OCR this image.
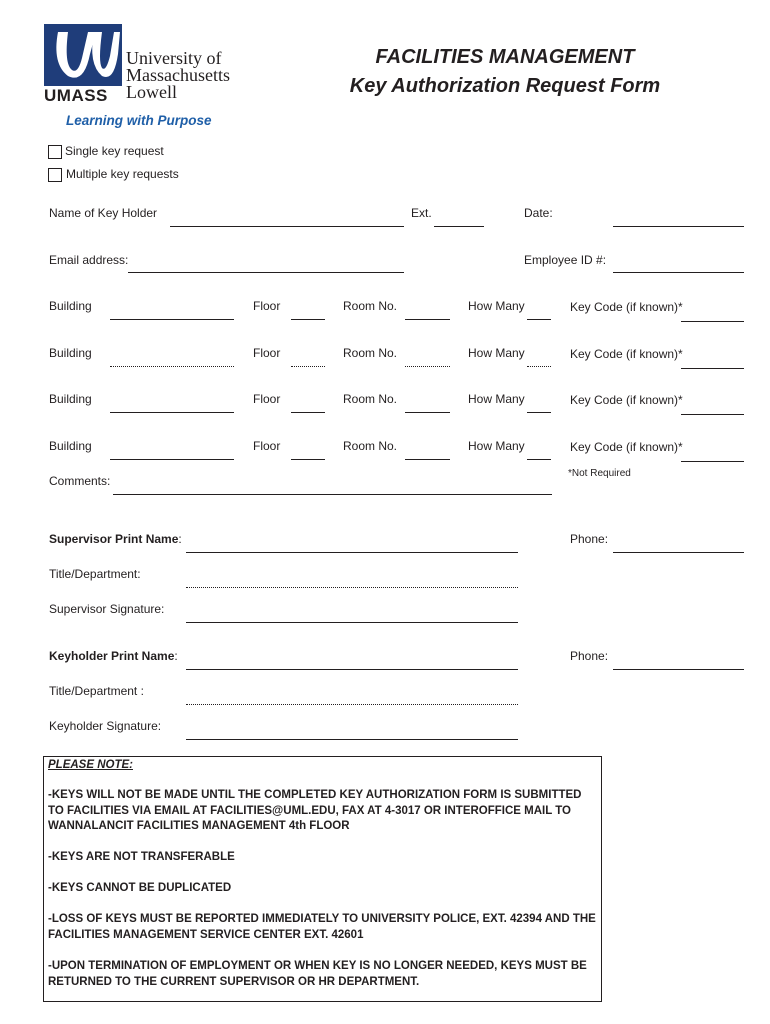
UMASS
University of
Massachusetts
Lowell
Learning with Purpose
FACILITIES MANAGEMENT
Key Authorization Request Form
Single key request
Multiple key requests
Name of Key Holder	Ext.	Date:
Email address:	Employee ID #:
Building	Floor	Room No.	How Many	Key Code (if known)*
Building	Floor	Room No.	How Many	Key Code (if known)*
Building	Floor	Room No.	How Many	Key Code (if known)*
Building	Floor	Room No.	How Many	Key Code (if known)*
*Not Required
Comments:
Supervisor Print Name:	Phone:
Title/Department:
Supervisor Signature:
Keyholder Print Name:	Phone:
Title/Department :
Keyholder Signature:
PLEASE NOTE:
-KEYS WILL NOT BE MADE UNTIL THE COMPLETED KEY AUTHORIZATION FORM IS SUBMITTED TO FACILITIES VIA EMAIL AT FACILITIES@UML.EDU, FAX AT 4-3017 OR INTEROFFICE MAIL TO WANNALANCIT FACILITIES MANAGEMENT 4th FLOOR
-KEYS ARE NOT TRANSFERABLE
-KEYS CANNOT BE DUPLICATED
-LOSS OF KEYS MUST BE REPORTED IMMEDIATELY TO UNIVERSITY POLICE, EXT. 42394 AND THE FACILITIES MANAGEMENT SERVICE CENTER EXT. 42601
-UPON TERMINATION OF EMPLOYMENT OR WHEN KEY IS NO LONGER NEEDED, KEYS MUST BE RETURNED TO THE CURRENT SUPERVISOR OR HR DEPARTMENT.
